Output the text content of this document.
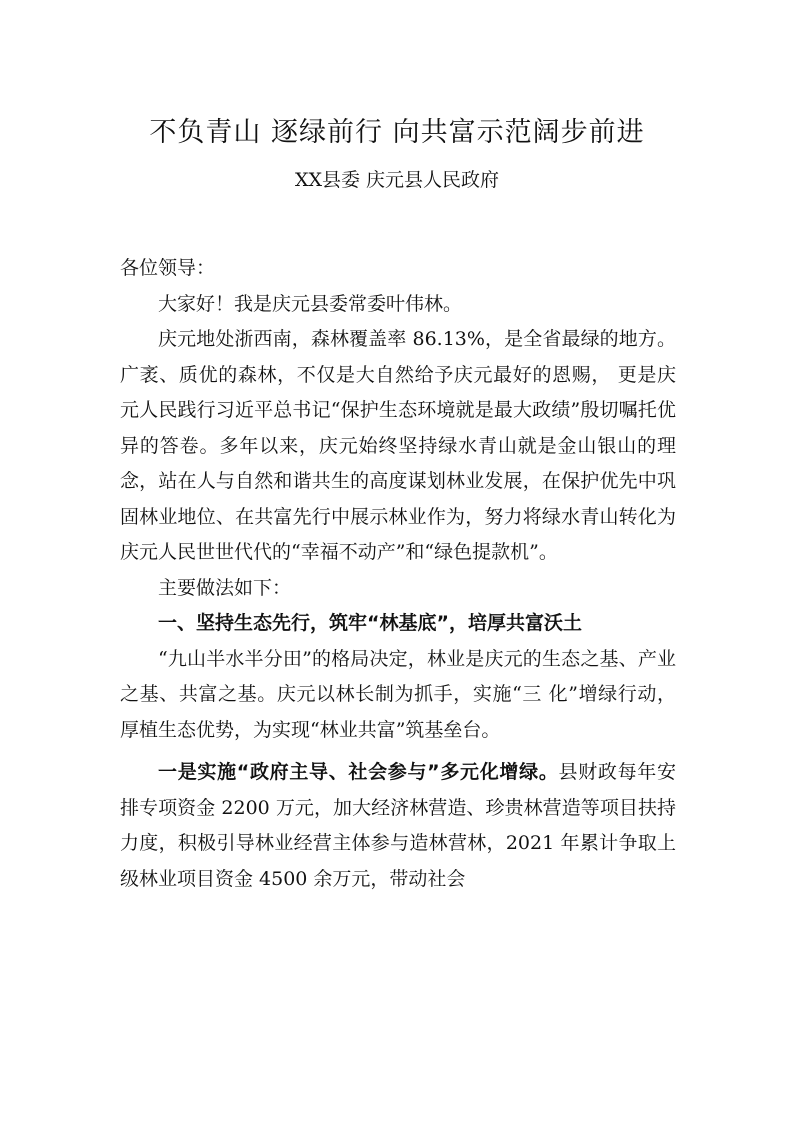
不负青山 逐绿前行 向共富示范阔步前进
XX县委 庆元县人民政府

各位领导：

大家好！我是庆元县委常委叶伟林。

庆元地处浙西南，森林覆盖率 86.13%，是全省最绿的地方。广袤、质优的森林，不仅是大自然给予庆元最好的恩赐， 更是庆元人民践行习近平总书记“保护生态环境就是最大政绩”殷切嘱托优异的答卷。多年以来，庆元始终坚持绿水青山就是金山银山的理念，站在人与自然和谐共生的高度谋划林业发展，在保护优先中巩固林业地位、在共富先行中展示林业作为，努力将绿水青山转化为庆元人民世世代代的“幸福不动产”和“绿色提款机”。

主要做法如下：

一、坚持生态先行，筑牢“林基底”，培厚共富沃土

“九山半水半分田”的格局决定，林业是庆元的生态之基、产业之基、共富之基。庆元以林长制为抓手，实施“三 化”增绿行动，厚植生态优势，为实现“林业共富”筑基垒台。

一是实施“政府主导、社会参与”多元化增绿。县财政每年安排专项资金 2200 万元，加大经济林营造、珍贵林营造等项目扶持力度，积极引导林业经营主体参与造林营林，2021 年累计争取上级林业项目资金 4500 余万元，带动社会
